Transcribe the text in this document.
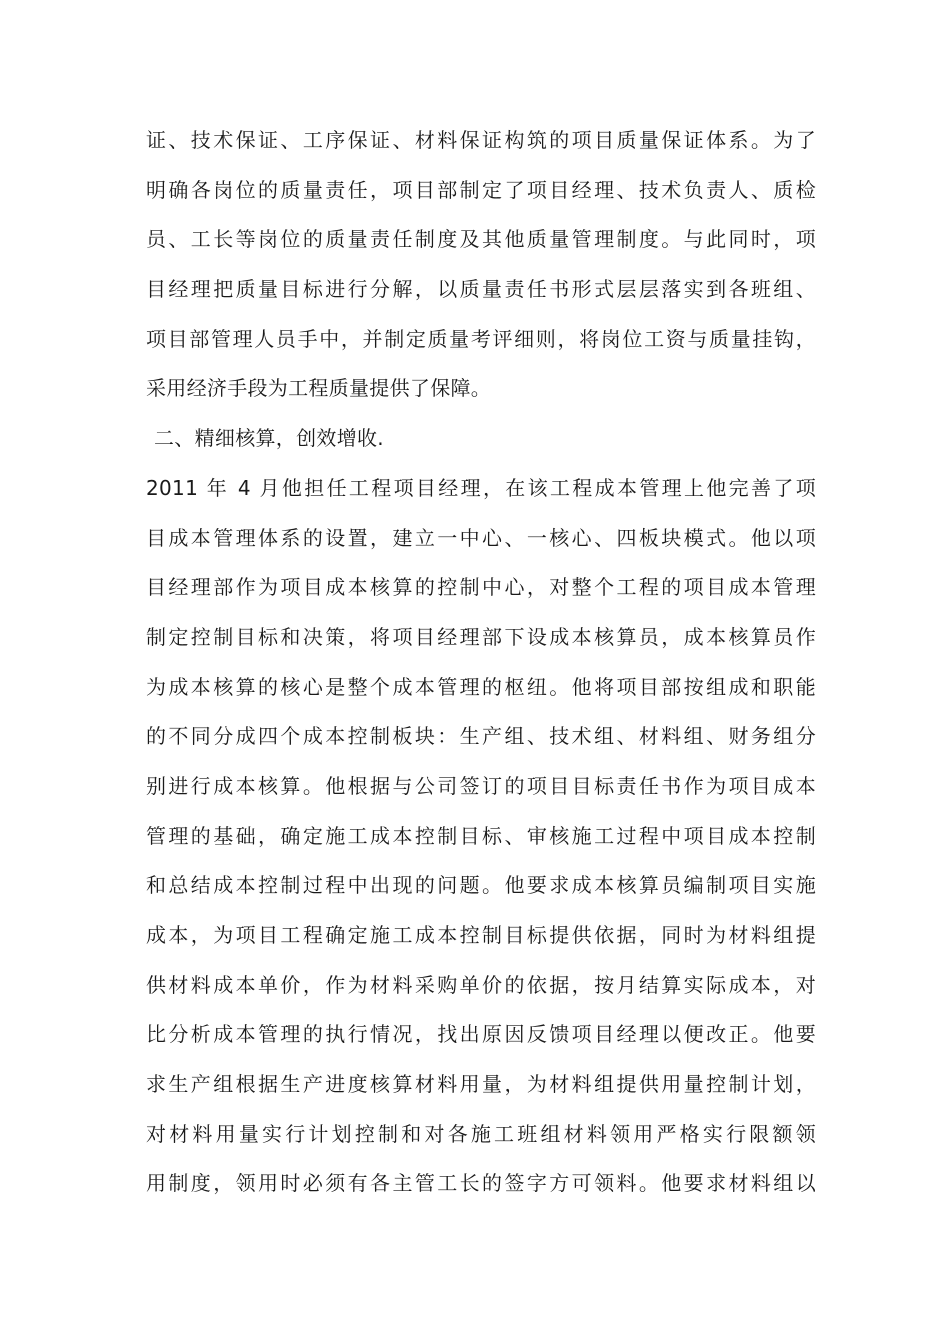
证、技术保证、工序保证、材料保证构筑的项目质量保证体系。为了
明确各岗位的质量责任，项目部制定了项目经理、技术负责人、质检
员、工长等岗位的质量责任制度及其他质量管理制度。与此同时，项
目经理把质量目标进行分解，以质量责任书形式层层落实到各班组、
项目部管理人员手中，并制定质量考评细则，将岗位工资与质量挂钩，
采用经济手段为工程质量提供了保障。
二、精细核算，创效增收.
2011 年 4 月他担任工程项目经理，在该工程成本管理上他完善了项
目成本管理体系的设置，建立一中心、一核心、四板块模式。他以项
目经理部作为项目成本核算的控制中心，对整个工程的项目成本管理
制定控制目标和决策，将项目经理部下设成本核算员，成本核算员作
为成本核算的核心是整个成本管理的枢纽。他将项目部按组成和职能
的不同分成四个成本控制板块：生产组、技术组、材料组、财务组分
别进行成本核算。他根据与公司签订的项目目标责任书作为项目成本
管理的基础，确定施工成本控制目标、审核施工过程中项目成本控制
和总结成本控制过程中出现的问题。他要求成本核算员编制项目实施
成本，为项目工程确定施工成本控制目标提供依据，同时为材料组提
供材料成本单价，作为材料采购单价的依据，按月结算实际成本，对
比分析成本管理的执行情况，找出原因反馈项目经理以便改正。他要
求生产组根据生产进度核算材料用量，为材料组提供用量控制计划，
对材料用量实行计划控制和对各施工班组材料领用严格实行限额领
用制度，领用时必须有各主管工长的签字方可领料。他要求材料组以
